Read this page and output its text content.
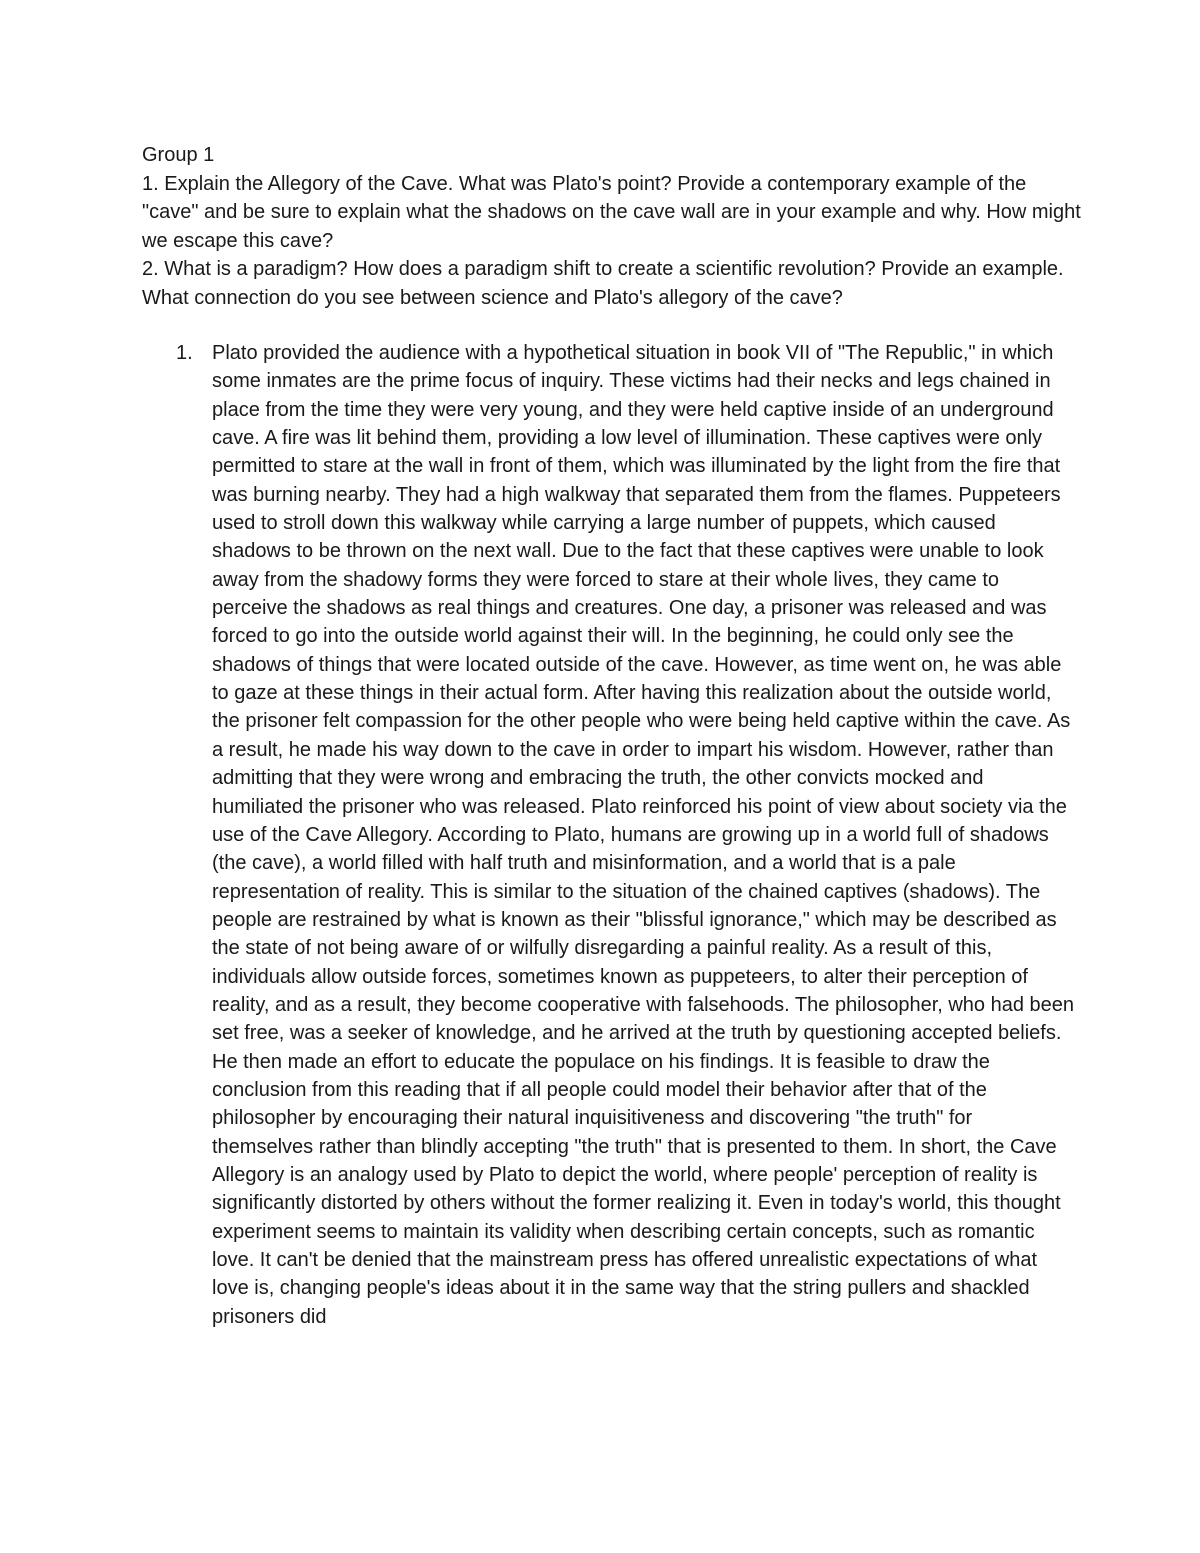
Group 1

1. Explain the Allegory of the Cave. What was Plato's point? Provide a contemporary example of the "cave" and be sure to explain what the shadows on the cave wall are in your example and why. How might we escape this cave?

2. What is a paradigm? How does a paradigm shift to create a scientific revolution? Provide an example. What connection do you see between science and Plato's allegory of the cave?

1. Plato provided the audience with a hypothetical situation in book VII of "The Republic," in which some inmates are the prime focus of inquiry. These victims had their necks and legs chained in place from the time they were very young, and they were held captive inside of an underground cave. A fire was lit behind them, providing a low level of illumination. These captives were only permitted to stare at the wall in front of them, which was illuminated by the light from the fire that was burning nearby. They had a high walkway that separated them from the flames. Puppeteers used to stroll down this walkway while carrying a large number of puppets, which caused shadows to be thrown on the next wall. Due to the fact that these captives were unable to look away from the shadowy forms they were forced to stare at their whole lives, they came to perceive the shadows as real things and creatures. One day, a prisoner was released and was forced to go into the outside world against their will. In the beginning, he could only see the shadows of things that were located outside of the cave. However, as time went on, he was able to gaze at these things in their actual form. After having this realization about the outside world, the prisoner felt compassion for the other people who were being held captive within the cave. As a result, he made his way down to the cave in order to impart his wisdom. However, rather than admitting that they were wrong and embracing the truth, the other convicts mocked and humiliated the prisoner who was released. Plato reinforced his point of view about society via the use of the Cave Allegory. According to Plato, humans are growing up in a world full of shadows (the cave), a world filled with half truth and misinformation, and a world that is a pale representation of reality. This is similar to the situation of the chained captives (shadows). The people are restrained by what is known as their "blissful ignorance," which may be described as the state of not being aware of or wilfully disregarding a painful reality. As a result of this, individuals allow outside forces, sometimes known as puppeteers, to alter their perception of reality, and as a result, they become cooperative with falsehoods. The philosopher, who had been set free, was a seeker of knowledge, and he arrived at the truth by questioning accepted beliefs. He then made an effort to educate the populace on his findings. It is feasible to draw the conclusion from this reading that if all people could model their behavior after that of the philosopher by encouraging their natural inquisitiveness and discovering "the truth" for themselves rather than blindly accepting "the truth" that is presented to them. In short, the Cave Allegory is an analogy used by Plato to depict the world, where people' perception of reality is significantly distorted by others without the former realizing it. Even in today's world, this thought experiment seems to maintain its validity when describing certain concepts, such as romantic love. It can't be denied that the mainstream press has offered unrealistic expectations of what love is, changing people's ideas about it in the same way that the string pullers and shackled prisoners did
